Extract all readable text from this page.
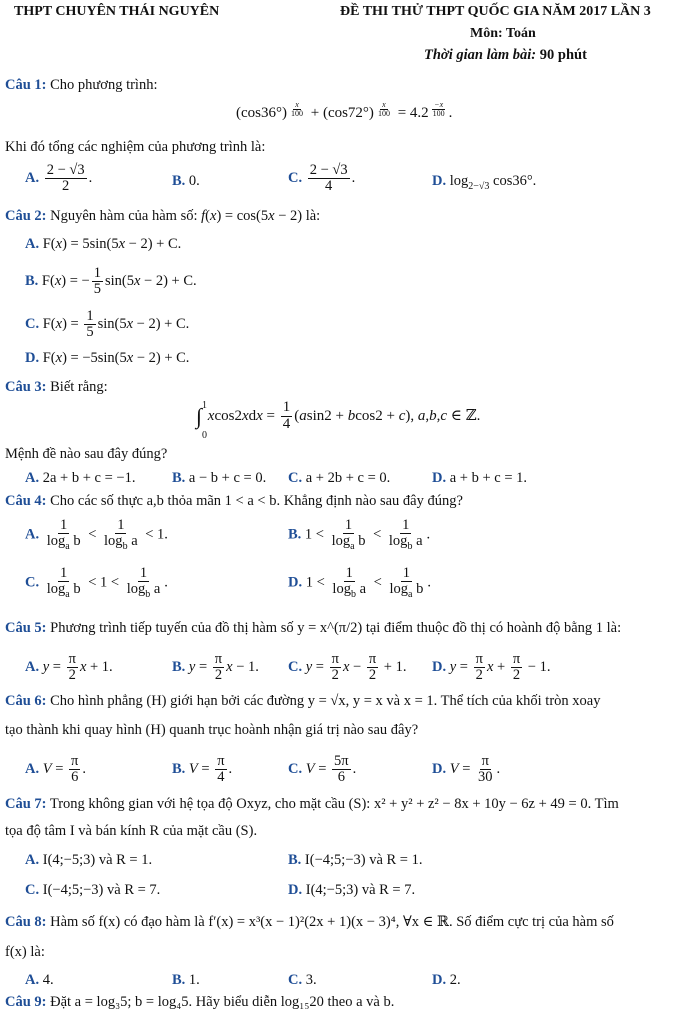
THPT CHUYÊN THÁI NGUYÊN	ĐỀ THI THỬ THPT QUỐC GIA NĂM 2017 LẦN 3
Môn: Toán
Thời gian làm bài: 90 phút
Câu 1: Cho phương trình:
(cos36°) $^{\frac{x}{100}}$ + (cos72°) $^{\frac{x}{100}}$ = 4.2 $^{\frac{-x}{100}}$ .
Khi đó tổng các nghiệm của phương trình là:
A. $\frac{2 - √3}{2}$ .	B. 0.	C. $\frac{2 - √3}{4}$ .	D. $\log_{2-√3} \cos 36^\circ$.
Câu 2: Nguyên hàm của hàm số: f(x) = cos(5x − 2) là:
A. F(x) = 5sin(5x − 2) + C.
B. F(x) = − $\frac{1}{5} \sin(5x - 2) + C$.
C. $F(x) = \frac{1}{5} \sin(5x - 2) + C$.
D. F(x) = −5sin(5x − 2) + C.
Câu 3: Biết rằng:
∫ 1
0
$xcos2xdx = \frac{1}{4} (asin2 + bcos2 + c)$, a,b,c ∈ ℤ.
Mệnh đề nào sau đây đúng?
A. 2a + b + c = −1.	B. a − b + c = 0. C. a + 2b + c = 0.	D. a + b + c = 1.
Câu 4: Cho các số thực a,b thỏa mãn 1 < a < b. Khẳng định nào sau đây đúng?
A. $\frac{1}{\log_a b} < \frac{1}{\log_b a} < 1$.	B. $1 < \frac{1}{\log_a b} < \frac{1}{\log_b a}$ .
C. $\frac{1}{\log_a b} < 1 < \frac{1}{\log_b a}$ .	D. $1 < \frac{1}{\log_b a} < \frac{1}{\log_a b}$ .
Câu 5: Phương trình tiếp tuyến của đồ thị hàm số y = x^(π/2) tại điểm thuộc đồ thị có hoành độ bằng 1 là:
A. $y = \frac{\pi}{2}$ x + 1.	B. $y = \frac{\pi}{2}$ x − 1. C. $y = \frac{\pi}{2}$ $x - \frac{\pi}{2} + 1$. D. $y = \frac{\pi}{2}$ $x + \frac{\pi}{2} - 1$.
Câu 6: Cho hình phẳng (H) giới hạn bởi các đường y = √x, y = x và x = 1. Thể tích của khối tròn xoay
tạo thành khi quay hình (H) quanh trục hoành nhận giá trị nào sau đây?
A. $V = \frac{\pi}{6}$ .	B. $V = \frac{\pi}{4}$ .	C. $V = \frac{5\pi}{6}$ .	D. $V = \frac{\pi}{30}$ .
Câu 7: Trong không gian với hệ tọa độ Oxyz, cho mặt cầu (S): x² + y² + z² − 8x + 10y − 6z + 49 = 0. Tìm
tọa độ tâm I và bán kính R của mặt cầu (S).
A. I(4;−5;3) và R = 1.	B. I(−4;5;−3) và R = 1.
C. I(−4;5;−3) và R = 7.	D. I(4;−5;3) và R = 7.
Câu 8: Hàm số f(x) có đạo hàm là f′(x) = x³(x − 1)²(2x + 1)(x − 3)⁴, ∀x ∈ ℝ. Số điểm cực trị của hàm số
f(x) là:
A. 4.	B. 1.	C. 3.	D. 2.
Câu 9: Đặt a = log₃5; b = log₄5. Hãy biểu diễn log₁₅20 theo a và b.
